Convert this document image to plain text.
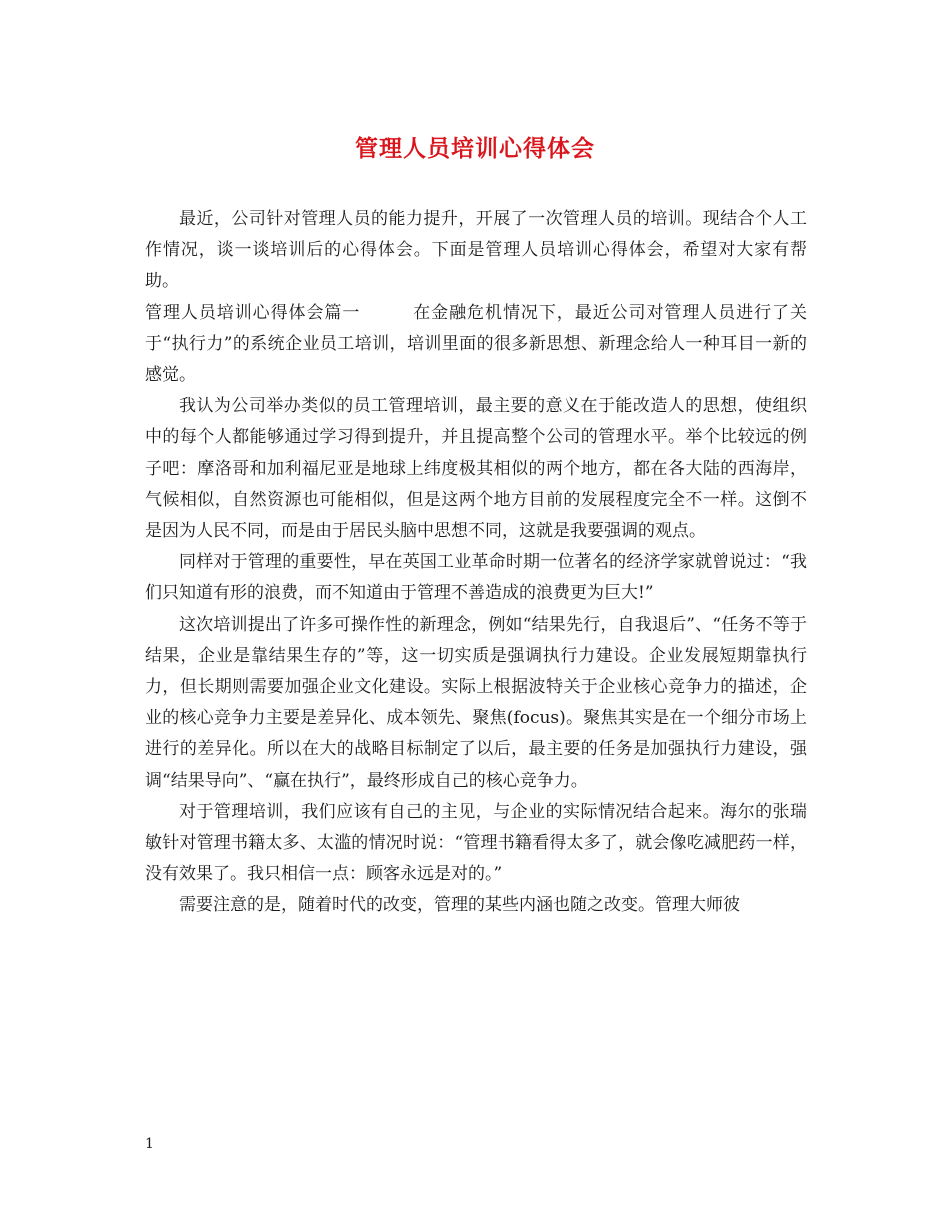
管理人员培训心得体会

最近，公司针对管理人员的能力提升，开展了一次管理人员的培训。现结合个人工作情况，谈一谈培训后的心得体会。下面是管理人员培训心得体会，希望对大家有帮助。

管理人员培训心得体会篇一	在金融危机情况下，最近公司对管理人员进行了关于“执行力”的系统企业员工培训，培训里面的很多新思想、新理念给人一种耳目一新的感觉。

我认为公司举办类似的员工管理培训，最主要的意义在于能改造人的思想，使组织中的每个人都能够通过学习得到提升，并且提高整个公司的管理水平。举个比较远的例子吧：摩洛哥和加利福尼亚是地球上纬度极其相似的两个地方，都在各大陆的西海岸，气候相似，自然资源也可能相似，但是这两个地方目前的发展程度完全不一样。这倒不是因为人民不同，而是由于居民头脑中思想不同，这就是我要强调的观点。

同样对于管理的重要性，早在英国工业革命时期一位著名的经济学家就曾说过：“我们只知道有形的浪费，而不知道由于管理不善造成的浪费更为巨大!”

这次培训提出了许多可操作性的新理念，例如“结果先行，自我退后”、“任务不等于结果，企业是靠结果生存的”等，这一切实质是强调执行力建设。企业发展短期靠执行力，但长期则需要加强企业文化建设。实际上根据波特关于企业核心竞争力的描述，企业的核心竞争力主要是差异化、成本领先、聚焦(focus)。聚焦其实是在一个细分市场上进行的差异化。所以在大的战略目标制定了以后，最主要的任务是加强执行力建设，强调“结果导向”、“赢在执行”，最终形成自己的核心竞争力。

对于管理培训，我们应该有自己的主见，与企业的实际情况结合起来。海尔的张瑞敏针对管理书籍太多、太滥的情况时说：“管理书籍看得太多了，就会像吃减肥药一样，没有效果了。我只相信一点：顾客永远是对的。”

需要注意的是，随着时代的改变，管理的某些内涵也随之改变。管理大师彼

1
